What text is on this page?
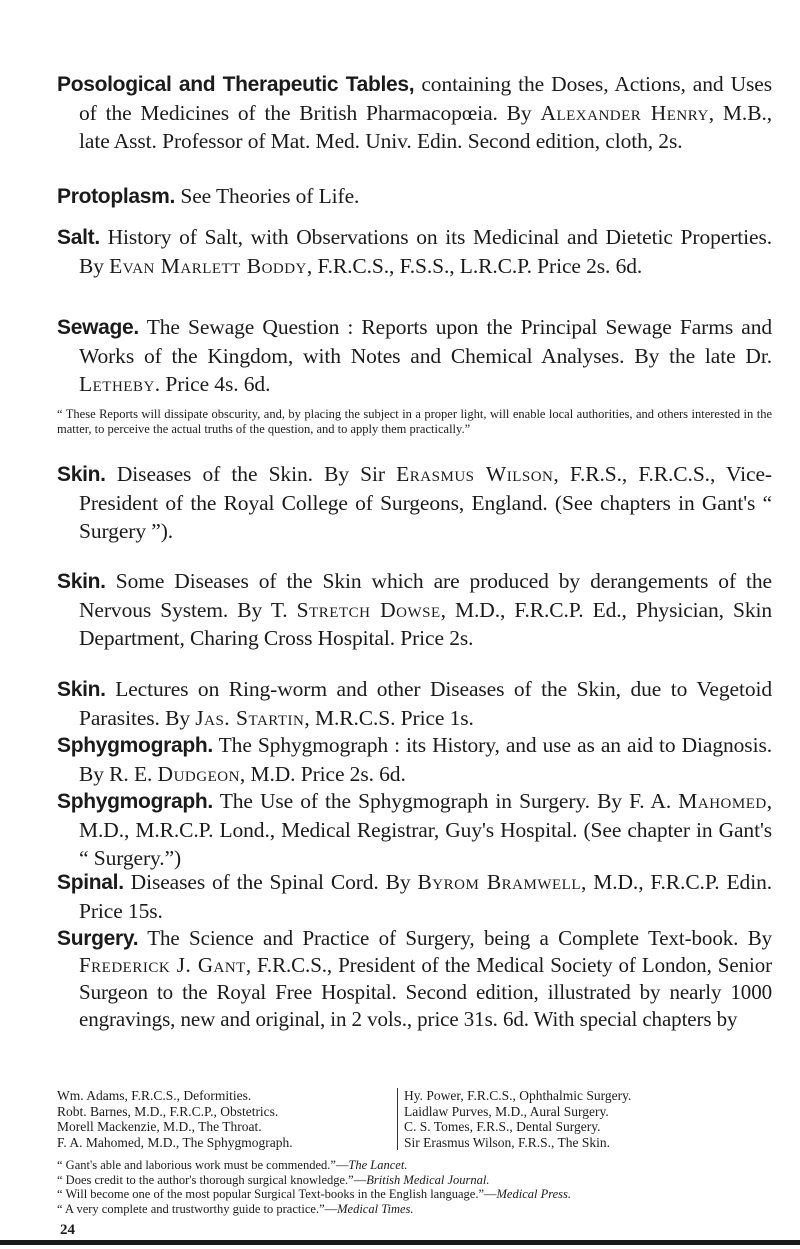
Posological and Therapeutic Tables, containing the Doses, Actions, and Uses of the Medicines of the British Pharmacopœia. By Alexander Henry, M.B., late Asst. Professor of Mat. Med. Univ. Edin. Second edition, cloth, 2s.
Protoplasm. See Theories of Life.
Salt. History of Salt, with Observations on its Medicinal and Dietetic Properties. By Evan Marlett Boddy, F.R.C.S., F.S.S., L.R.C.P. Price 2s. 6d.
Sewage. The Sewage Question : Reports upon the Principal Sewage Farms and Works of the Kingdom, with Notes and Chemical Analyses. By the late Dr. Letheby. Price 4s. 6d.
“ These Reports will dissipate obscurity, and, by placing the subject in a proper light, will enable local authorities, and others interested in the matter, to perceive the actual truths of the question, and to apply them practically.”
Skin. Diseases of the Skin. By Sir Erasmus Wilson, F.R.S., F.R.C.S., Vice-President of the Royal College of Surgeons, England. (See chapters in Gant's “ Surgery ”).
Skin. Some Diseases of the Skin which are produced by derangements of the Nervous System. By T. Stretch Dowse, M.D., F.R.C.P. Ed., Physician, Skin Department, Charing Cross Hospital. Price 2s.
Skin. Lectures on Ring-worm and other Diseases of the Skin, due to Vegetoid Parasites. By Jas. Startin, M.R.C.S. Price 1s.
Sphygmograph. The Sphygmograph : its History, and use as an aid to Diagnosis. By R. E. Dudgeon, M.D. Price 2s. 6d.
Sphygmograph. The Use of the Sphygmograph in Surgery. By F. A. Mahomed, M.D., M.R.C.P. Lond., Medical Registrar, Guy's Hospital. (See chapter in Gant's “ Surgery.”)
Spinal. Diseases of the Spinal Cord. By Byrom Bramwell, M.D., F.R.C.P. Edin. Price 15s.
Surgery. The Science and Practice of Surgery, being a Complete Text-book. By Frederick J. Gant, F.R.C.S., President of the Medical Society of London, Senior Surgeon to the Royal Free Hospital. Second edition, illustrated by nearly 1000 engravings, new and original, in 2 vols., price 31s. 6d. With special chapters by
Wm. Adams, F.R.C.S., Deformities.
Robt. Barnes, M.D., F.R.C.P., Obstetrics.
Morell Mackenzie, M.D., The Throat.
F. A. Mahomed, M.D., The Sphygmograph.
Hy. Power, F.R.C.S., Ophthalmic Surgery.
Laidlaw Purves, M.D., Aural Surgery.
C. S. Tomes, F.R.S., Dental Surgery.
Sir Erasmus Wilson, F.R.S., The Skin.
“ Gant's able and laborious work must be commended.”—The Lancet.
“ Does credit to the author's thorough surgical knowledge.”—British Medical Journal.
“ Will become one of the most popular Surgical Text-books in the English language.”—Medical Press.
“ A very complete and trustworthy guide to practice.”—Medical Times.
24
